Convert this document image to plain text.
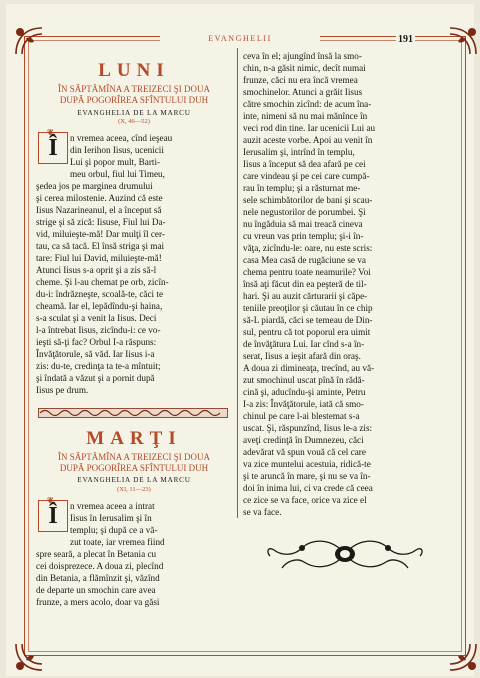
EVANGHELII	191
LUNI
ÎN SĂPTĂMÎNA A TREIZECI ŞI DOUA
DUPĂ POGORÎREA SFÎNTULUI DUH
EVANGHELIA DE LA MARCU
(X, 46—52)
❦
Î	n vremea aceea, cînd ieşeau

din Ierihon Iisus, ucenicii

Lui şi popor mult, Barti-

meu orbul, fiul lui Timeu,

şedea jos pe marginea drumului

şi cerea milostenie. Auzind că este

Iisus Nazarineanul, el a început să

strige şi să zică: Iisuse, Fiul lui Da-

vid, miluieşte-mă! Dar mulţi îl cer-

tau, ca să tacă. El însă striga şi mai

tare: Fiul lui David, miluieşte-mă!

Atunci Iisus s-a oprit şi a zis să-l

cheme. Şi l-au chemat pe orb, zicîn-

du-i: îndrăzneşte, scoală-te, căci te

cheamă. Iar el, lepădîndu-şi haina,

s-a sculat şi a venit la Iisus. Deci

l-a întrebat Iisus, zicîndu-i: ce vo-

ieşti să-ţi fac? Orbul I-a răspuns:

Învăţătorule, să văd. Iar Iisus i-a

zis: du-te, credinţa ta te-a mîntuit;

şi îndată a văzut şi a pornit după

Iisus pe drum.

MARŢI
ÎN SĂPTĂMÎNA A TREIZECI ŞI DOUA
DUPĂ POGORÎREA SFÎNTULUI DUH
EVANGHELIA DE LA MARCU
(XI, 11—23)
❦
Î	n vremea aceea a intrat

Iisus în Ierusalim şi în

templu; şi după ce a vă-

zut toate, iar vremea fiind

spre seară, a plecat în Betania cu

cei doisprezece. A doua zi, plecînd

din Betania, a flămînzit şi, văzînd

de departe un smochin care avea

frunze, a mers acolo, doar va găsi

ceva în el; ajungînd însă la smo-

chin, n-a găsit nimic, decît numai

frunze, căci nu era încă vremea

smochinelor. Atunci a grăit Iisus

către smochin zicînd: de acum îna-

inte, nimeni să nu mai mănînce în

veci rod din tine. Iar ucenicii Lui au

auzit aceste vorbe. Apoi au venit în

Ierusalim şi, intrînd în templu,

Iisus a început să dea afară pe cei

care vindeau şi pe cei care cumpă-

rau în templu; şi a răsturnat me-

sele schimbătorilor de bani şi scau-

nele negustorilor de porumbei. Şi

nu îngăduia să mai treacă cineva

cu vreun vas prin templu; şi-i în-

văţa, zicîndu-le: oare, nu este scris:

casa Mea casă de rugăciune se va

chema pentru toate neamurile? Voi

însă aţi făcut din ea peşteră de til-

hari. Şi au auzit cărturarii şi căpe-

teniile preoţilor şi căutau în ce chip

să-L piardă, căci se temeau de Din-

sul, pentru că tot poporul era uimit

de învăţătura Lui. Iar cînd s-a în-

serat, Iisus a ieşit afară din oraş.

A doua zi dimineaţa, trecînd, au vă-

zut smochinul uscat pînă în rădă-

cină şi, aducîndu-şi aminte, Petru

I-a zis: Învăţătorule, iată că smo-

chinul pe care l-ai blestemat s-a

uscat. Şi, răspunzînd, Iisus le-a zis:

aveţi credinţă în Dumnezeu, căci

adevărat vă spun vouă că cel care

va zice muntelui acestuia, ridică-te

şi te aruncă în mare, şi nu se va în-

doi în inima lui, ci va crede că ceea

ce zice se va face, orice va zice el

se va face.
